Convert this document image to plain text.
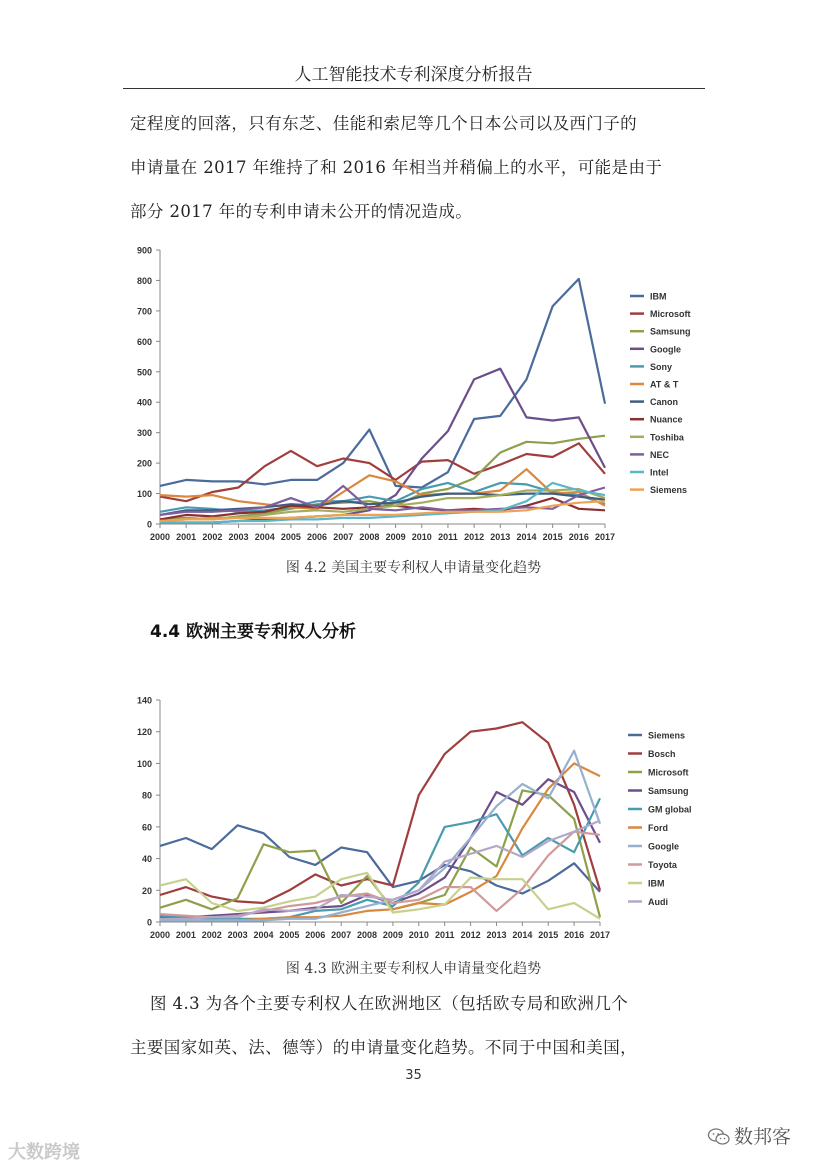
人工智能技术专利深度分析报告
定程度的回落，只有东芝、佳能和索尼等几个日本公司以及西门子的
申请量在 2017 年维持了和 2016 年相当并稍偏上的水平，可能是由于
部分 2017 年的专利申请未公开的情况造成。
0
100
200
300
400
500
600
700
800
900
2000 2001 2002 2003 2004 2005 2006 2007 2008 2009 2010 2011 2012 2013 2014 2015 2016 2017
IBM
Microsoft
Samsung
Google
Sony
AT & T
Canon
Nuance
Toshiba
NEC
Intel
Siemens
图 4.2 美国主要专利权人申请量变化趋势
4.4 欧洲主要专利权人分析
0
20
40
60
80
100
120
140
2000 2001 2002 2003 2004 2005 2006 2007 2008 2009 2010 2011 2012 2013 2014 2015 2016 2017
Siemens
Bosch
Microsoft
Samsung
GM global
Ford
Google
Toyota
IBM
Audi
图 4.3 欧洲主要专利权人申请量变化趋势
图 4.3 为各个主要专利权人在欧洲地区（包括欧专局和欧洲几个
主要国家如英、法、德等）的申请量变化趋势。不同于中国和美国，
35
大数跨境
数邦客
